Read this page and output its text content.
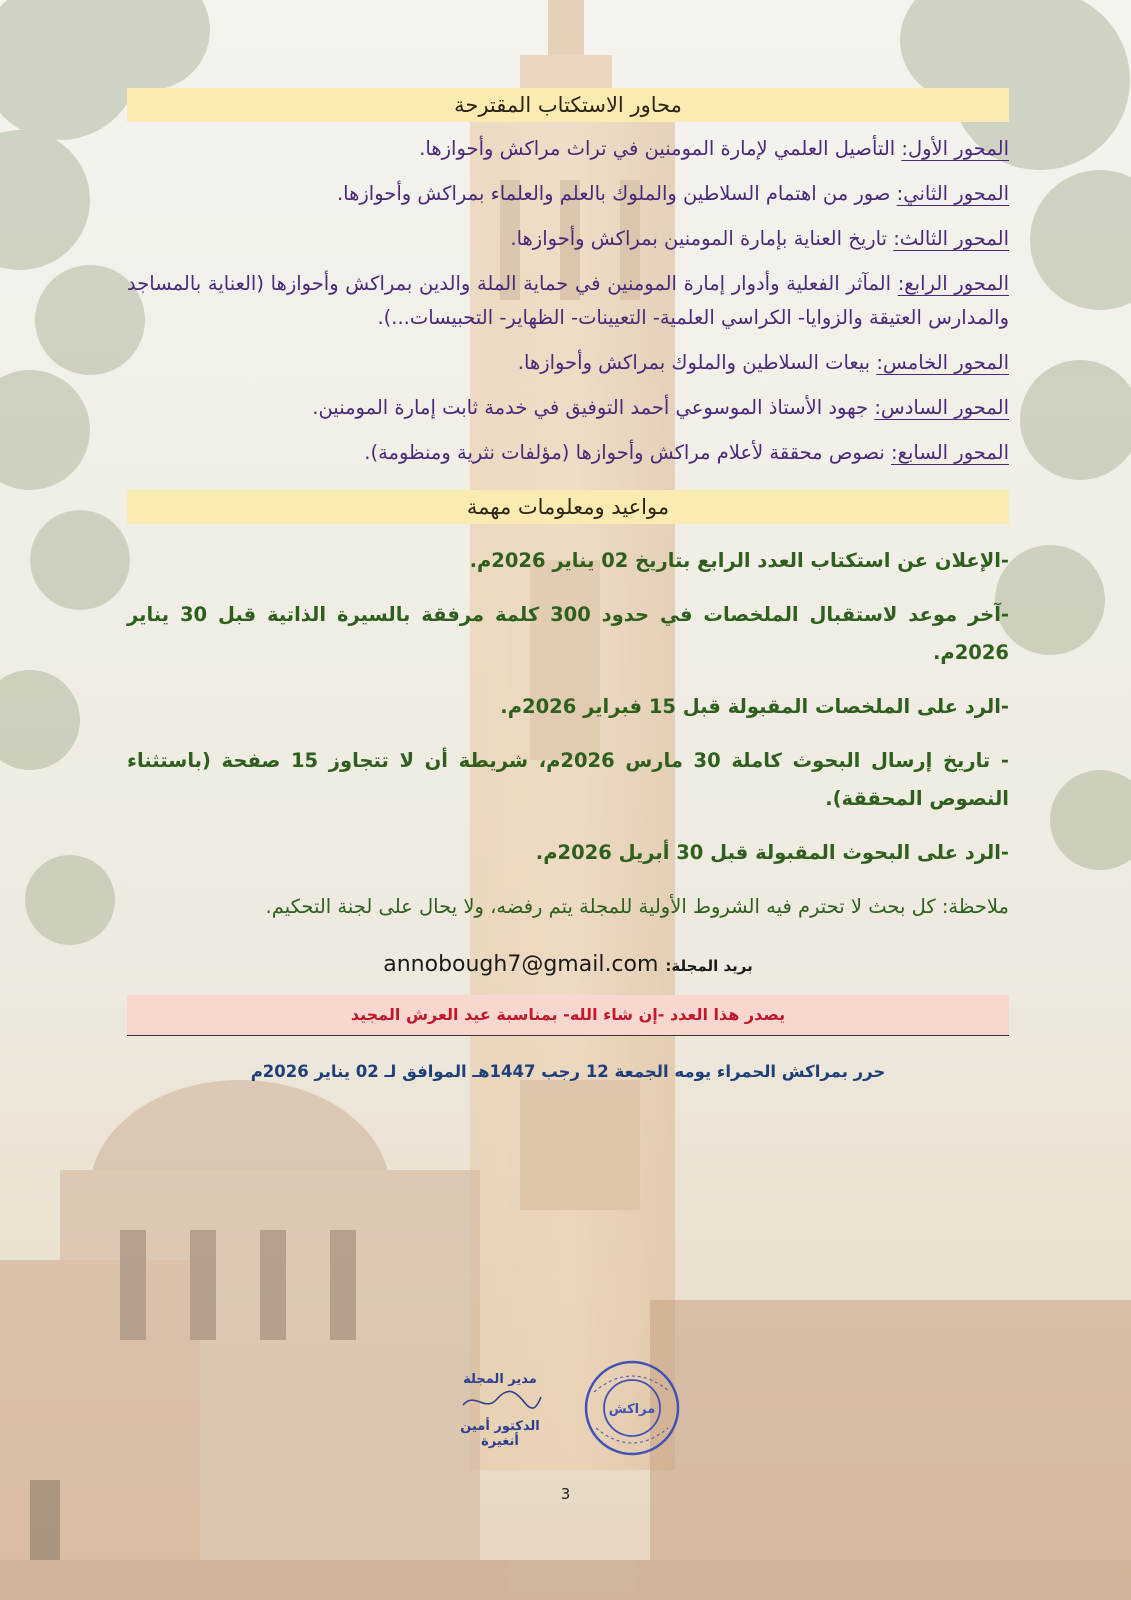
محاور الاستكتاب المقترحة

المحور الأول: التأصيل العلمي لإمارة المومنين في تراث مراكش وأحوازها.

المحور الثاني: صور من اهتمام السلاطين والملوك بالعلم والعلماء بمراكش وأحوازها.

المحور الثالث: تاريخ العناية بإمارة المومنين بمراكش وأحوازها.

المحور الرابع: المآثر الفعلية وأدوار إمارة المومنين في حماية الملة والدين بمراكش وأحوازها (العناية بالمساجد والمدارس العتيقة والزوايا- الكراسي العلمية- التعيينات- الظهاير- التحبيسات...).

المحور الخامس: بيعات السلاطين والملوك بمراكش وأحوازها.

المحور السادس: جهود الأستاذ الموسوعي أحمد التوفيق في خدمة ثابت إمارة المومنين.

المحور السابع: نصوص محققة لأعلام مراكش وأحوازها (مؤلفات نثرية ومنظومة).

مواعيد ومعلومات مهمة

-الإعلان عن استكتاب العدد الرابع بتاريخ 02 يناير 2026م.

-آخر موعد لاستقبال الملخصات في حدود 300 كلمة مرفقة بالسيرة الذاتية قبل 30 يناير 2026م.

-الرد على الملخصات المقبولة قبل 15 فبراير 2026م.

- تاريخ إرسال البحوث كاملة 30 مارس 2026م، شريطة أن لا تتجاوز 15 صفحة (باستثناء النصوص المحققة).

-الرد على البحوث المقبولة قبل 30 أبريل 2026م.

ملاحظة: كل بحث لا تحترم فيه الشروط الأولية للمجلة يتم رفضه، ولا يحال على لجنة التحكيم.

بريد المجلة: annobough7@gmail.com
يصدر هذا العدد -إن شاء الله- بمناسبة عيد العرش المجيد
حرر بمراكش الحمراء يومه الجمعة 12 رجب 1447هـ الموافق لـ 02 يناير 2026م
مدير المجلة
الدكتور أمين أنغيرة
مراكش
3
